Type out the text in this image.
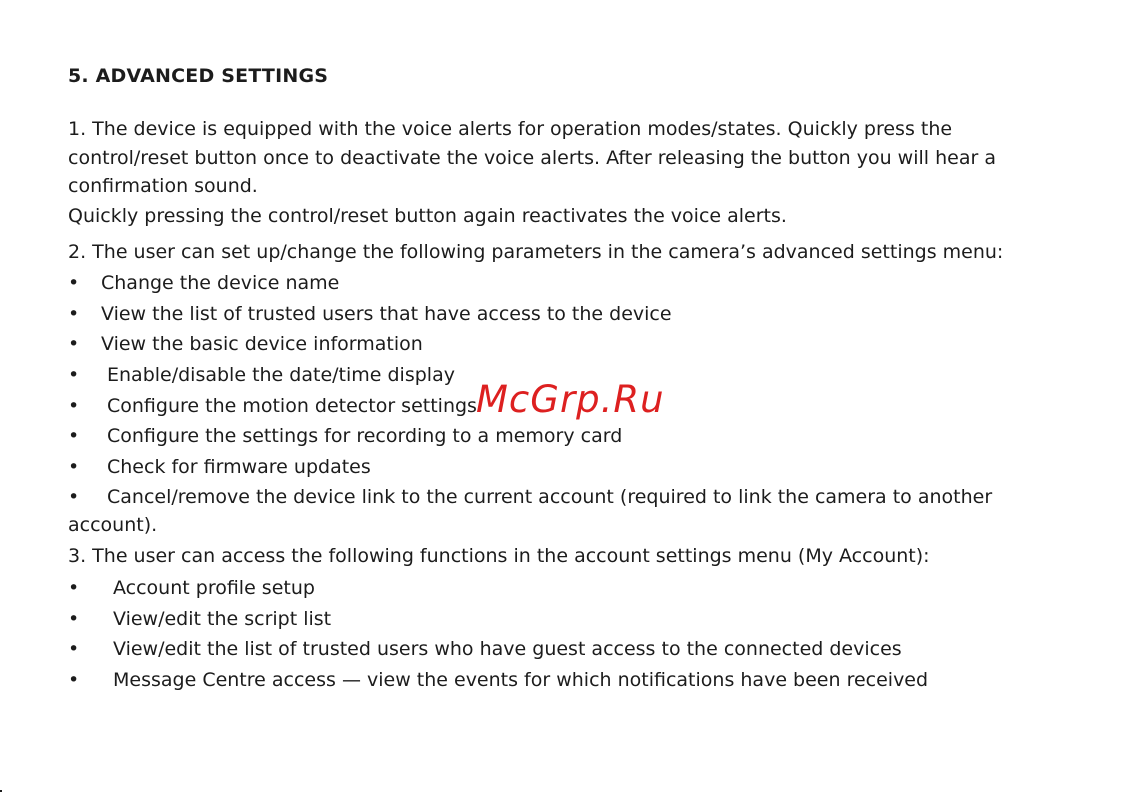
5. ADVANCED SETTINGS
1. The device is equipped with the voice alerts for operation modes/states. Quickly press the
control/reset button once to deactivate the voice alerts. After releasing the button you will hear a
confirmation sound.
Quickly pressing the control/reset button again reactivates the voice alerts.
2. The user can set up/change the following parameters in the camera’s advanced settings menu:
• Change the device name
• View the list of trusted users that have access to the device
• View the basic device information
• Enable/disable the date/time display
• Configure the motion detector settings
• Configure the settings for recording to a memory card
• Check for firmware updates
• Cancel/remove the device link to the current account (required to link the camera to another
account).
3. The user can access the following functions in the account settings menu (My Account):
• Account profile setup
• View/edit the script list
• View/edit the list of trusted users who have guest access to the connected devices
• Message Centre access — view the events for which notifications have been received
McGrp.Ru
